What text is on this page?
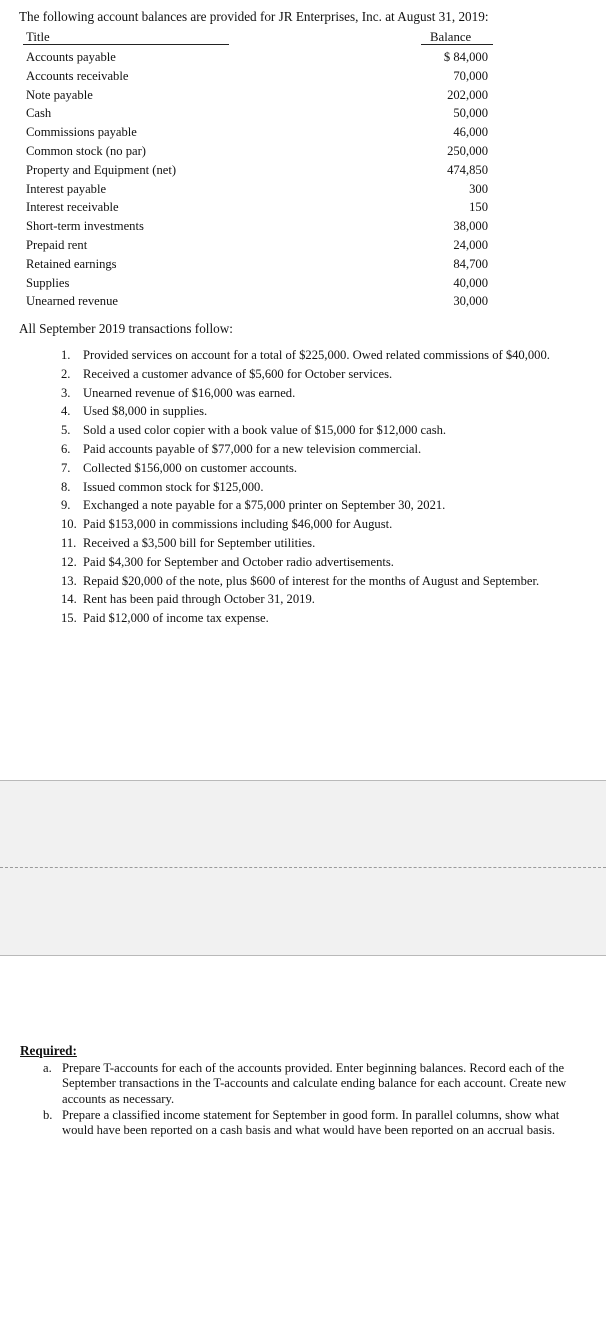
The following account balances are provided for JR Enterprises, Inc. at August 31, 2019:
Title	Balance
Accounts payable	$ 84,000
Accounts receivable	70,000
Note payable	202,000
Cash	50,000
Commissions payable	46,000
Common stock (no par)	250,000
Property and Equipment (net)	474,850
Interest payable	300
Interest receivable	150
Short-term investments	38,000
Prepaid rent	24,000
Retained earnings	84,700
Supplies	40,000
Unearned revenue	30,000
All September 2019 transactions follow:
1. Provided services on account for a total of $225,000. Owed related commissions of $40,000.
2. Received a customer advance of $5,600 for October services.
3. Unearned revenue of $16,000 was earned.
4. Used $8,000 in supplies.
5. Sold a used color copier with a book value of $15,000 for $12,000 cash.
6. Paid accounts payable of $77,000 for a new television commercial.
7. Collected $156,000 on customer accounts.
8. Issued common stock for $125,000.
9. Exchanged a note payable for a $75,000 printer on September 30, 2021.
10. Paid $153,000 in commissions including $46,000 for August.
11. Received a $3,500 bill for September utilities.
12. Paid $4,300 for September and October radio advertisements.
13. Repaid $20,000 of the note, plus $600 of interest for the months of August and September.
14. Rent has been paid through October 31, 2019.
15. Paid $12,000 of income tax expense.
Required:
a. Prepare T-accounts for each of the accounts provided. Enter beginning balances. Record each of the September transactions in the T-accounts and calculate ending balance for each account. Create new accounts as necessary.
b. Prepare a classified income statement for September in good form. In parallel columns, show what would have been reported on a cash basis and what would have been reported on an accrual basis.
